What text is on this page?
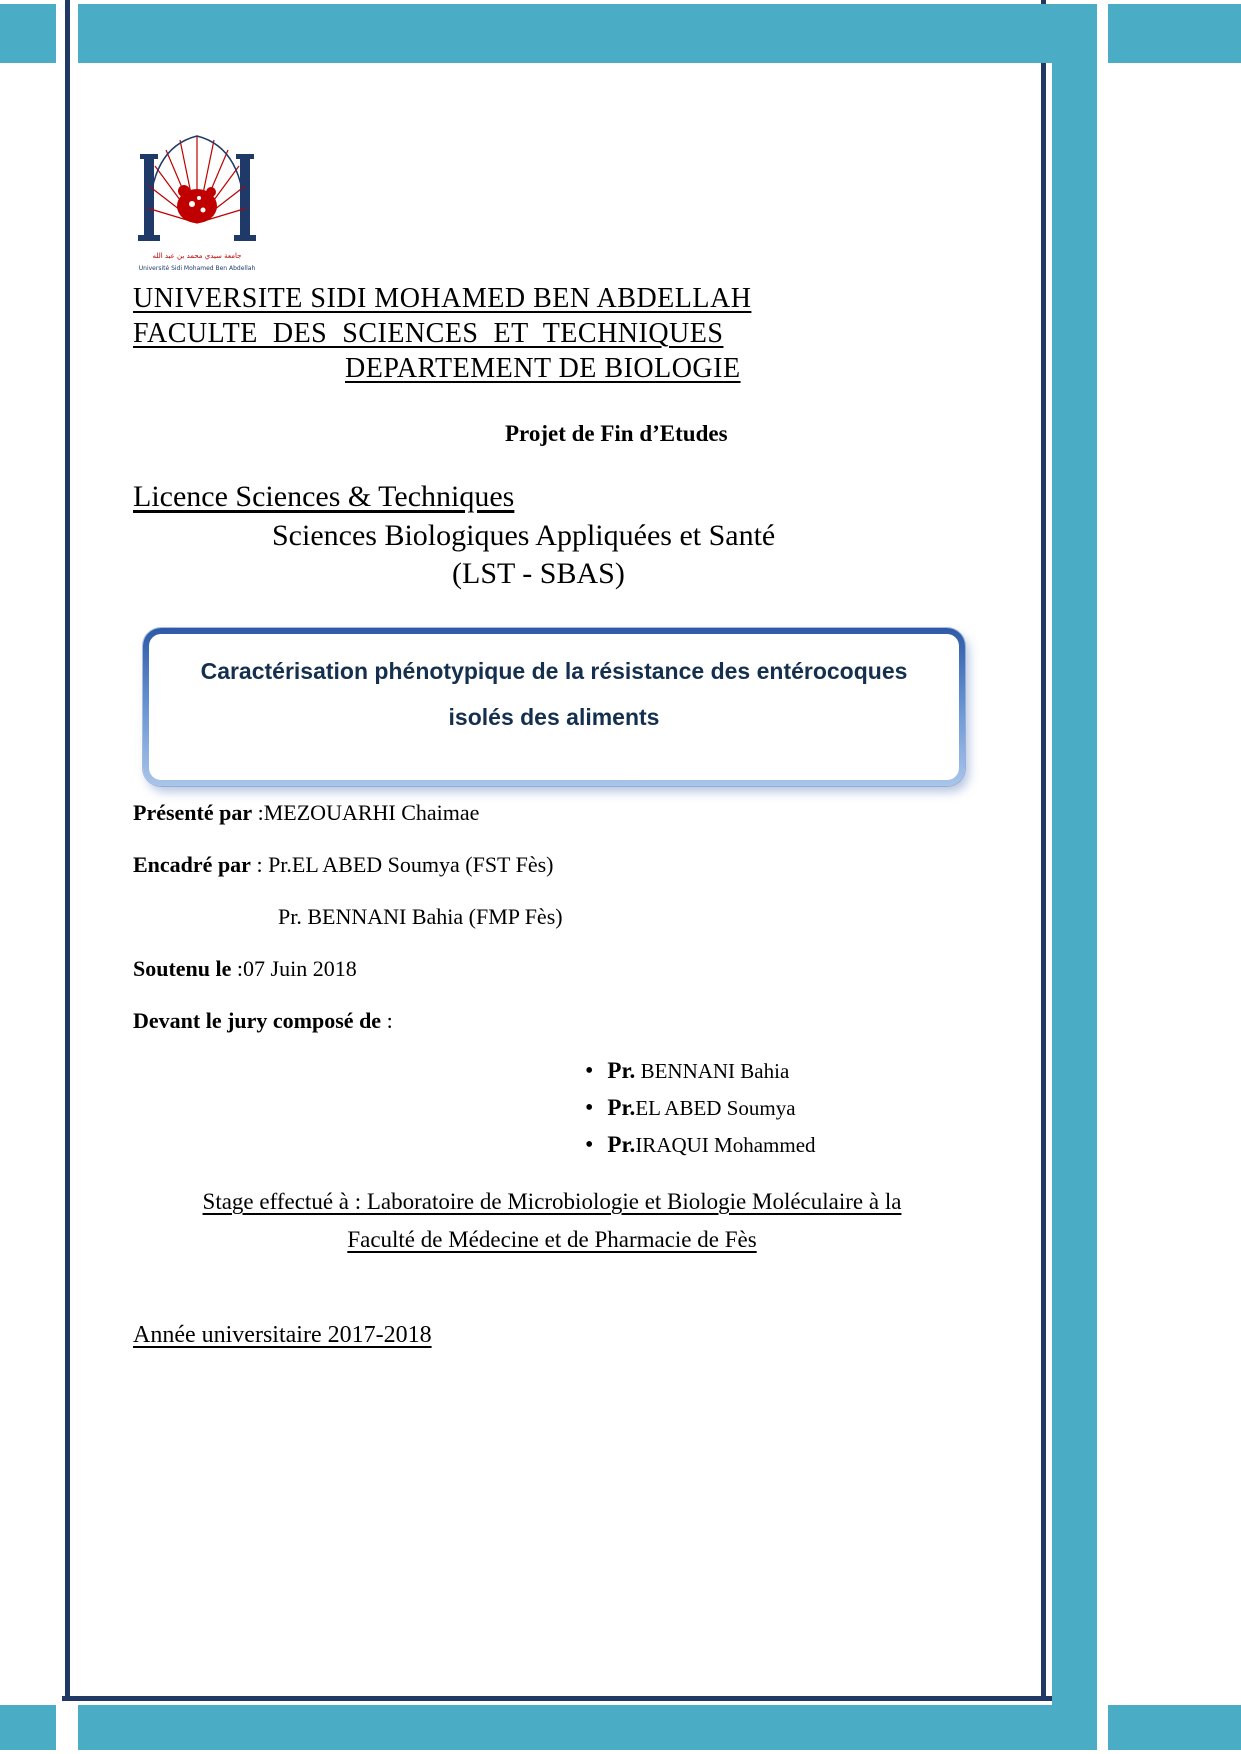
جامعة سيدي محمد بن عبد الله
Université Sidi Mohamed Ben Abdellah
UNIVERSITE SIDI MOHAMED BEN ABDELLAH
FACULTE  DES  SCIENCES  ET  TECHNIQUES
DEPARTEMENT DE BIOLOGIE
Projet de Fin d’Etudes
Licence Sciences & Techniques
Sciences Biologiques Appliquées et Santé
(LST - SBAS)
Caractérisation phénotypique de la résistance des entérocoques
isolés des aliments
Présenté par :MEZOUARHI Chaimae
Encadré par : Pr.EL ABED Soumya (FST Fès)
Pr. BENNANI Bahia (FMP Fès)
Soutenu le :07 Juin 2018
Devant le jury composé de :
• Pr. BENNANI Bahia
• Pr.EL ABED Soumya
• Pr.IRAQUI Mohammed
Stage effectué à : Laboratoire de Microbiologie et Biologie Moléculaire à la
Faculté de Médecine et de Pharmacie de Fès
Année universitaire 2017-2018
